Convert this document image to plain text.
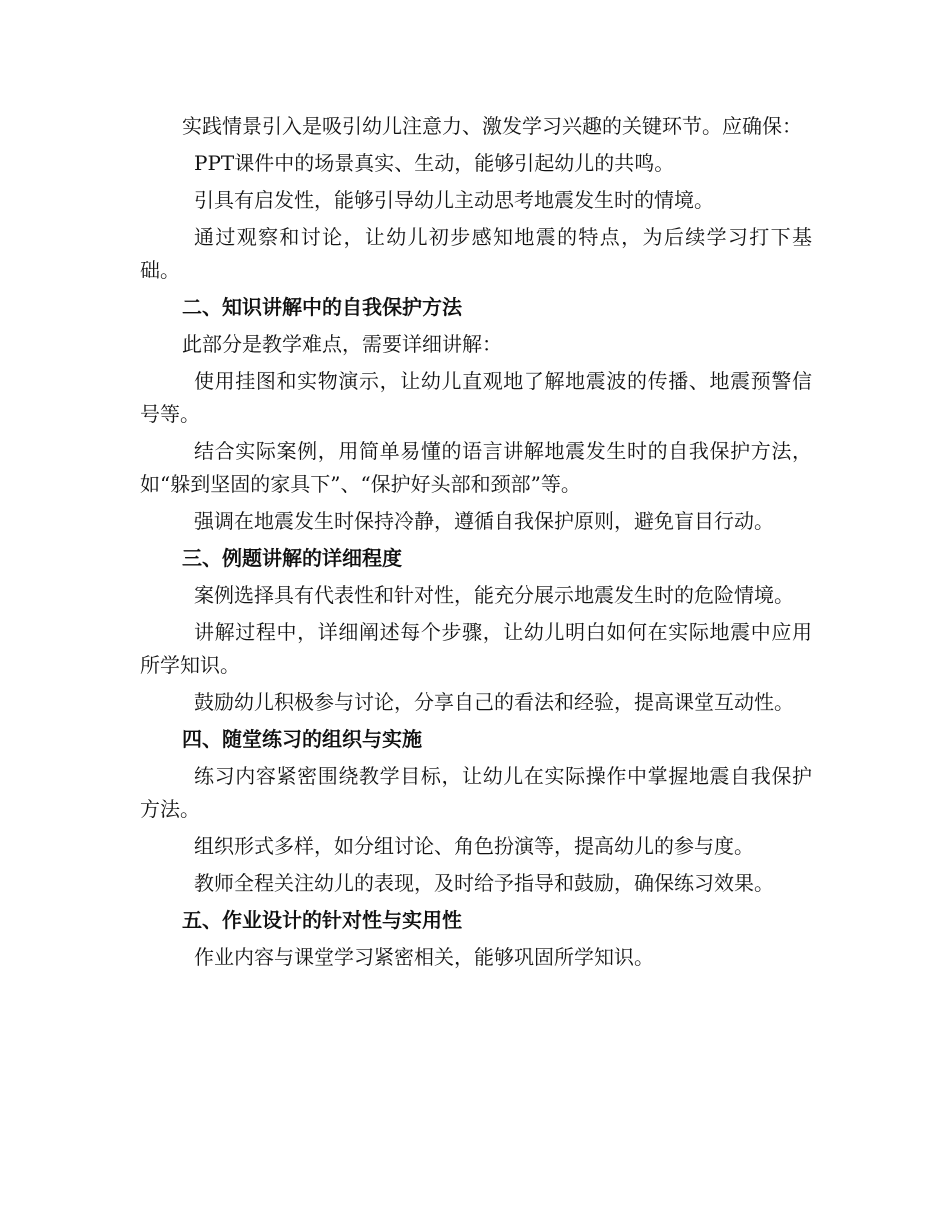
实践情景引入是吸引幼儿注意力、激发学习兴趣的关键环节。应确保：

PPT课件中的场景真实、生动，能够引起幼儿的共鸣。

引具有启发性，能够引导幼儿主动思考地震发生时的情境。

通过观察和讨论，让幼儿初步感知地震的特点，为后续学习打下基础。

二、知识讲解中的自我保护方法

此部分是教学难点，需要详细讲解：

使用挂图和实物演示，让幼儿直观地了解地震波的传播、地震预警信号等。

结合实际案例，用简单易懂的语言讲解地震发生时的自我保护方法，如“躲到坚固的家具下”、“保护好头部和颈部”等。

强调在地震发生时保持冷静，遵循自我保护原则，避免盲目行动。

三、例题讲解的详细程度

案例选择具有代表性和针对性，能充分展示地震发生时的危险情境。

讲解过程中，详细阐述每个步骤，让幼儿明白如何在实际地震中应用所学知识。

鼓励幼儿积极参与讨论，分享自己的看法和经验，提高课堂互动性。

四、随堂练习的组织与实施

练习内容紧密围绕教学目标，让幼儿在实际操作中掌握地震自我保护方法。

组织形式多样，如分组讨论、角色扮演等，提高幼儿的参与度。

教师全程关注幼儿的表现，及时给予指导和鼓励，确保练习效果。

五、作业设计的针对性与实用性

作业内容与课堂学习紧密相关，能够巩固所学知识。
